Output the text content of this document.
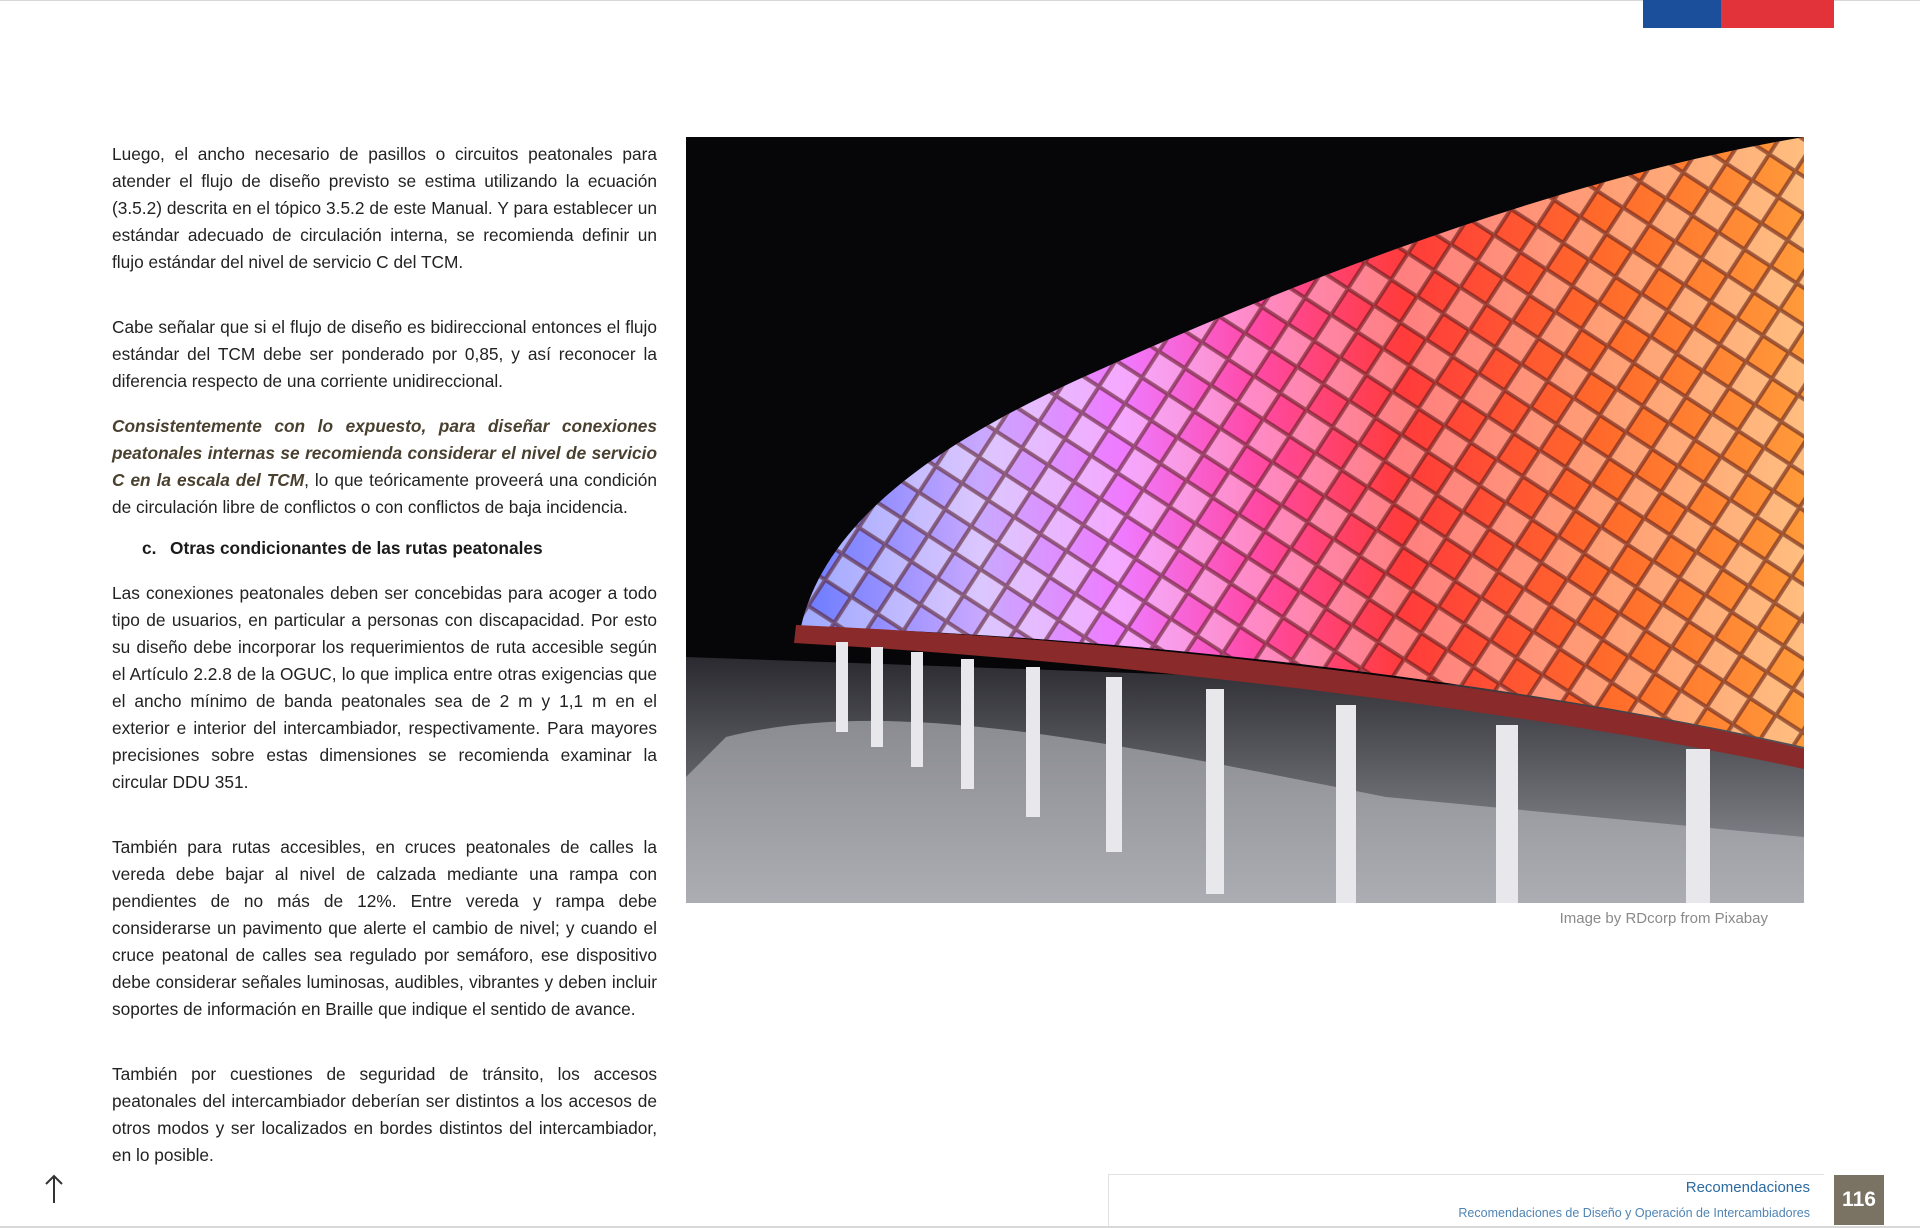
Luego, el ancho necesario de pasillos o circuitos peatonales para atender el flujo de diseño previsto se estima utilizando la ecuación (3.5.2) descrita en el tópico 3.5.2 de este Manual. Y para establecer un estándar adecuado de circulación interna, se recomienda definir un flujo estándar del nivel de servicio C del TCM.

Cabe señalar que si el flujo de diseño es bidireccional entonces el flujo estándar del TCM debe ser ponderado por 0,85, y así reconocer la diferencia respecto de una corriente unidireccional.

Consistentemente con lo expuesto, para diseñar conexiones peatonales internas se recomienda considerar el nivel de servicio C en la escala del TCM, lo que teóricamente proveerá una condición de circulación libre de conflictos o con conflictos de baja incidencia.

c. Otras condicionantes de las rutas peatonales

Las conexiones peatonales deben ser concebidas para acoger a todo tipo de usuarios, en particular a personas con discapacidad. Por esto su diseño debe incorporar los requerimientos de ruta accesible según el Artículo 2.2.8 de la OGUC, lo que implica entre otras exigencias que el ancho mínimo de banda peatonales sea de 2 m y 1,1 m en el exterior e interior del intercambiador, respectivamente. Para mayores precisiones sobre estas dimensiones se recomienda examinar la circular DDU 351.

También para rutas accesibles, en cruces peatonales de calles la vereda debe bajar al nivel de calzada mediante una rampa con pendientes de no más de 12%. Entre vereda y rampa debe considerarse un pavimento que alerte el cambio de nivel; y cuando el cruce peatonal de calles sea regulado por semáforo, ese dispositivo debe considerar señales luminosas, audibles, vibrantes y deben incluir soportes de información en Braille que indique el sentido de avance.

También por cuestiones de seguridad de tránsito, los accesos peatonales del intercambiador deberían ser distintos a los accesos de otros modos y ser localizados en bordes distintos del intercambiador, en lo posible.

Image by RDcorp from Pixabay
Recomendaciones
Recomendaciones de Diseño y Operación de Intercambiadores
116
